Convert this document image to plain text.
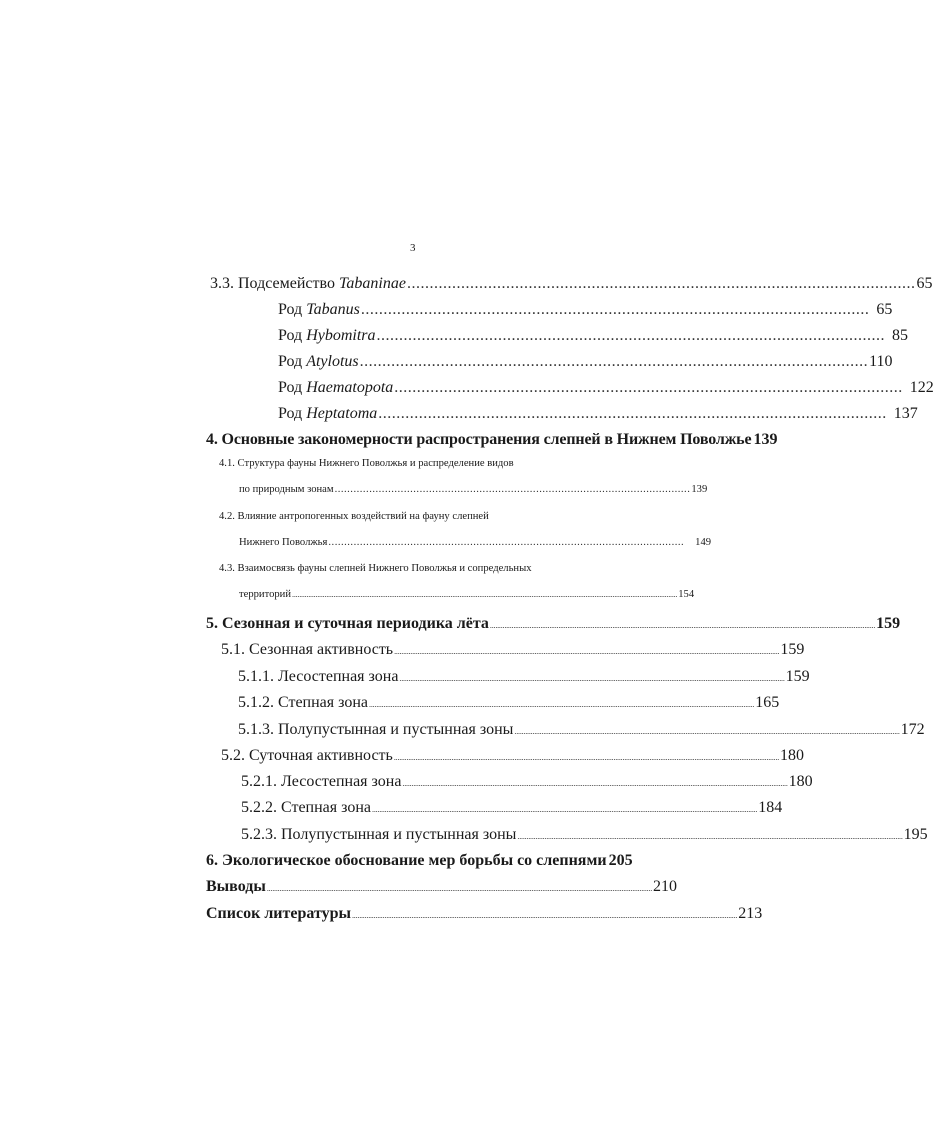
3
3.3. Подсемейство Tabaninae ................................................................................................................. 65
Род Tabanus ................................................................................................................. 65
Род Hybomitra ................................................................................................................. 85
Род Atylotus ................................................................................................................. 110
Род Haematopota ................................................................................................................. 122
Род Heptatoma ................................................................................................................. 137
4. Основные закономерности распространения слепней в Нижнем Поволжье 139
4.1. Структура фауны Нижнего Поволжья и распределение видов
по природным зонам ................................................................................................................. 139
4.2. Влияние антропогенных воздействий на фауну слепней
Нижнего Поволжья ................................................................................................................. 149
4.3. Взаимосвязь фауны слепней Нижнего Поволжья и сопредельных
территорий ...................................................................................................................................................................................................................... 154
5. Сезонная и суточная периодика лёта ...................................................................................................................................................................................................................... 159
5.1. Сезонная активность ...................................................................................................................................................................................................................... 159
5.1.1. Лесостепная зона ...................................................................................................................................................................................................................... 159
5.1.2. Степная зона ...................................................................................................................................................................................................................... 165
5.1.3. Полупустынная и пустынная зоны ...................................................................................................................................................................................................................... 172
5.2. Суточная активность ...................................................................................................................................................................................................................... 180
5.2.1. Лесостепная зона ...................................................................................................................................................................................................................... 180
5.2.2. Степная зона ...................................................................................................................................................................................................................... 184
5.2.3. Полупустынная и пустынная зоны ...................................................................................................................................................................................................................... 195
6. Экологическое обоснование мер борьбы со слепнями 205
Выводы ...................................................................................................................................................................................................................... 210
Список литературы ...................................................................................................................................................................................................................... 213
